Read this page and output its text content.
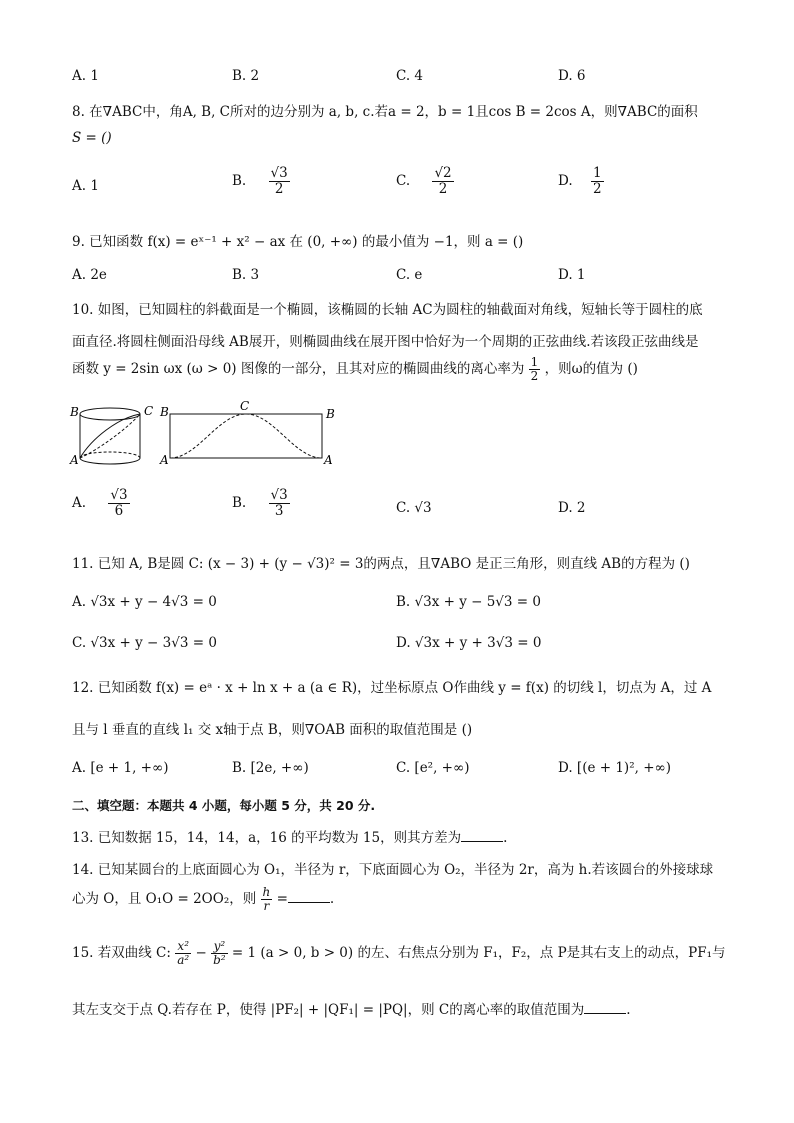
A. 1	B. 2	C. 4	D. 6
8. 在∇ABC中，角A, B, C所对的边分别为 a, b, c.若a = 2，b = 1且cos B = 2cos A，则∇ABC的面积
S = ()
A. 1	B. $\frac{√3}{2}$	C. $\frac{√2}{2}$	D. $\frac{1}{2}$
9. 已知函数 f(x) = eˣ⁻¹ + x² − ax 在 (0, +∞) 的最小值为 −1，则 a = ()
A. 2e	B. 3	C. e	D. 1
10. 如图，已知圆柱的斜截面是一个椭圆，该椭圆的长轴 AC为圆柱的轴截面对角线，短轴长等于圆柱的底
面直径.将圆柱侧面沿母线 AB展开，则椭圆曲线在展开图中恰好为一个周期的正弦曲线.若该段正弦曲线是
函数 y = 2sin ωx (ω > 0) 图像的一部分，且其对应的椭圆曲线的离心率为 $\frac{1}{2}$ ，则ω的值为 ()
B	C
A
B	C
B
A	A
A. $\frac{√3}{6}$	B. $\frac{√3}{3}$	C. √3	D. 2
11. 已知 A, B是圆 C: (x − 3) + (y − √3)² = 3的两点，且∇ABO 是正三角形，则直线 AB的方程为 ()
A. √3x + y − 4√3 = 0	B. √3x + y − 5√3 = 0
C. √3x + y − 3√3 = 0	D. √3x + y + 3√3 = 0
12. 已知函数 f(x) = eᵃ · x + ln x + a (a ∈ R)，过坐标原点 O作曲线 y = f(x) 的切线 l，切点为 A，过 A
且与 l 垂直的直线 l₁ 交 x轴于点 B，则∇OAB 面积的取值范围是 ()
A. [e + 1, +∞)	B. [2e, +∞)	C. [e², +∞)	D. [(e + 1)², +∞)
二、填空题：本题共 4 小题，每小题 5 分，共 20 分.
13. 已知数据 15，14，14，a，16 的平均数为 15，则其方差为	.
14. 已知某圆台的上底面圆心为 O₁，半径为 r，下底面圆心为 O₂，半径为 2r，高为 h.若该圆台的外接球球
心为 O，且 O₁O = 2OO₂，则 $\frac{h}{r}$ =	.
15. 若双曲线 C: $\frac{\text{x²}}{\text{a²}} - \frac{\text{y²}}{\text{b²}} = 1$ (a > 0, b > 0) 的左、右焦点分别为 F₁，F₂，点 P是其右支上的动点，PF₁与
其左支交于点 Q.若存在 P，使得 |PF₂| + |QF₁| = |PQ|，则 C的离心率的取值范围为	.
